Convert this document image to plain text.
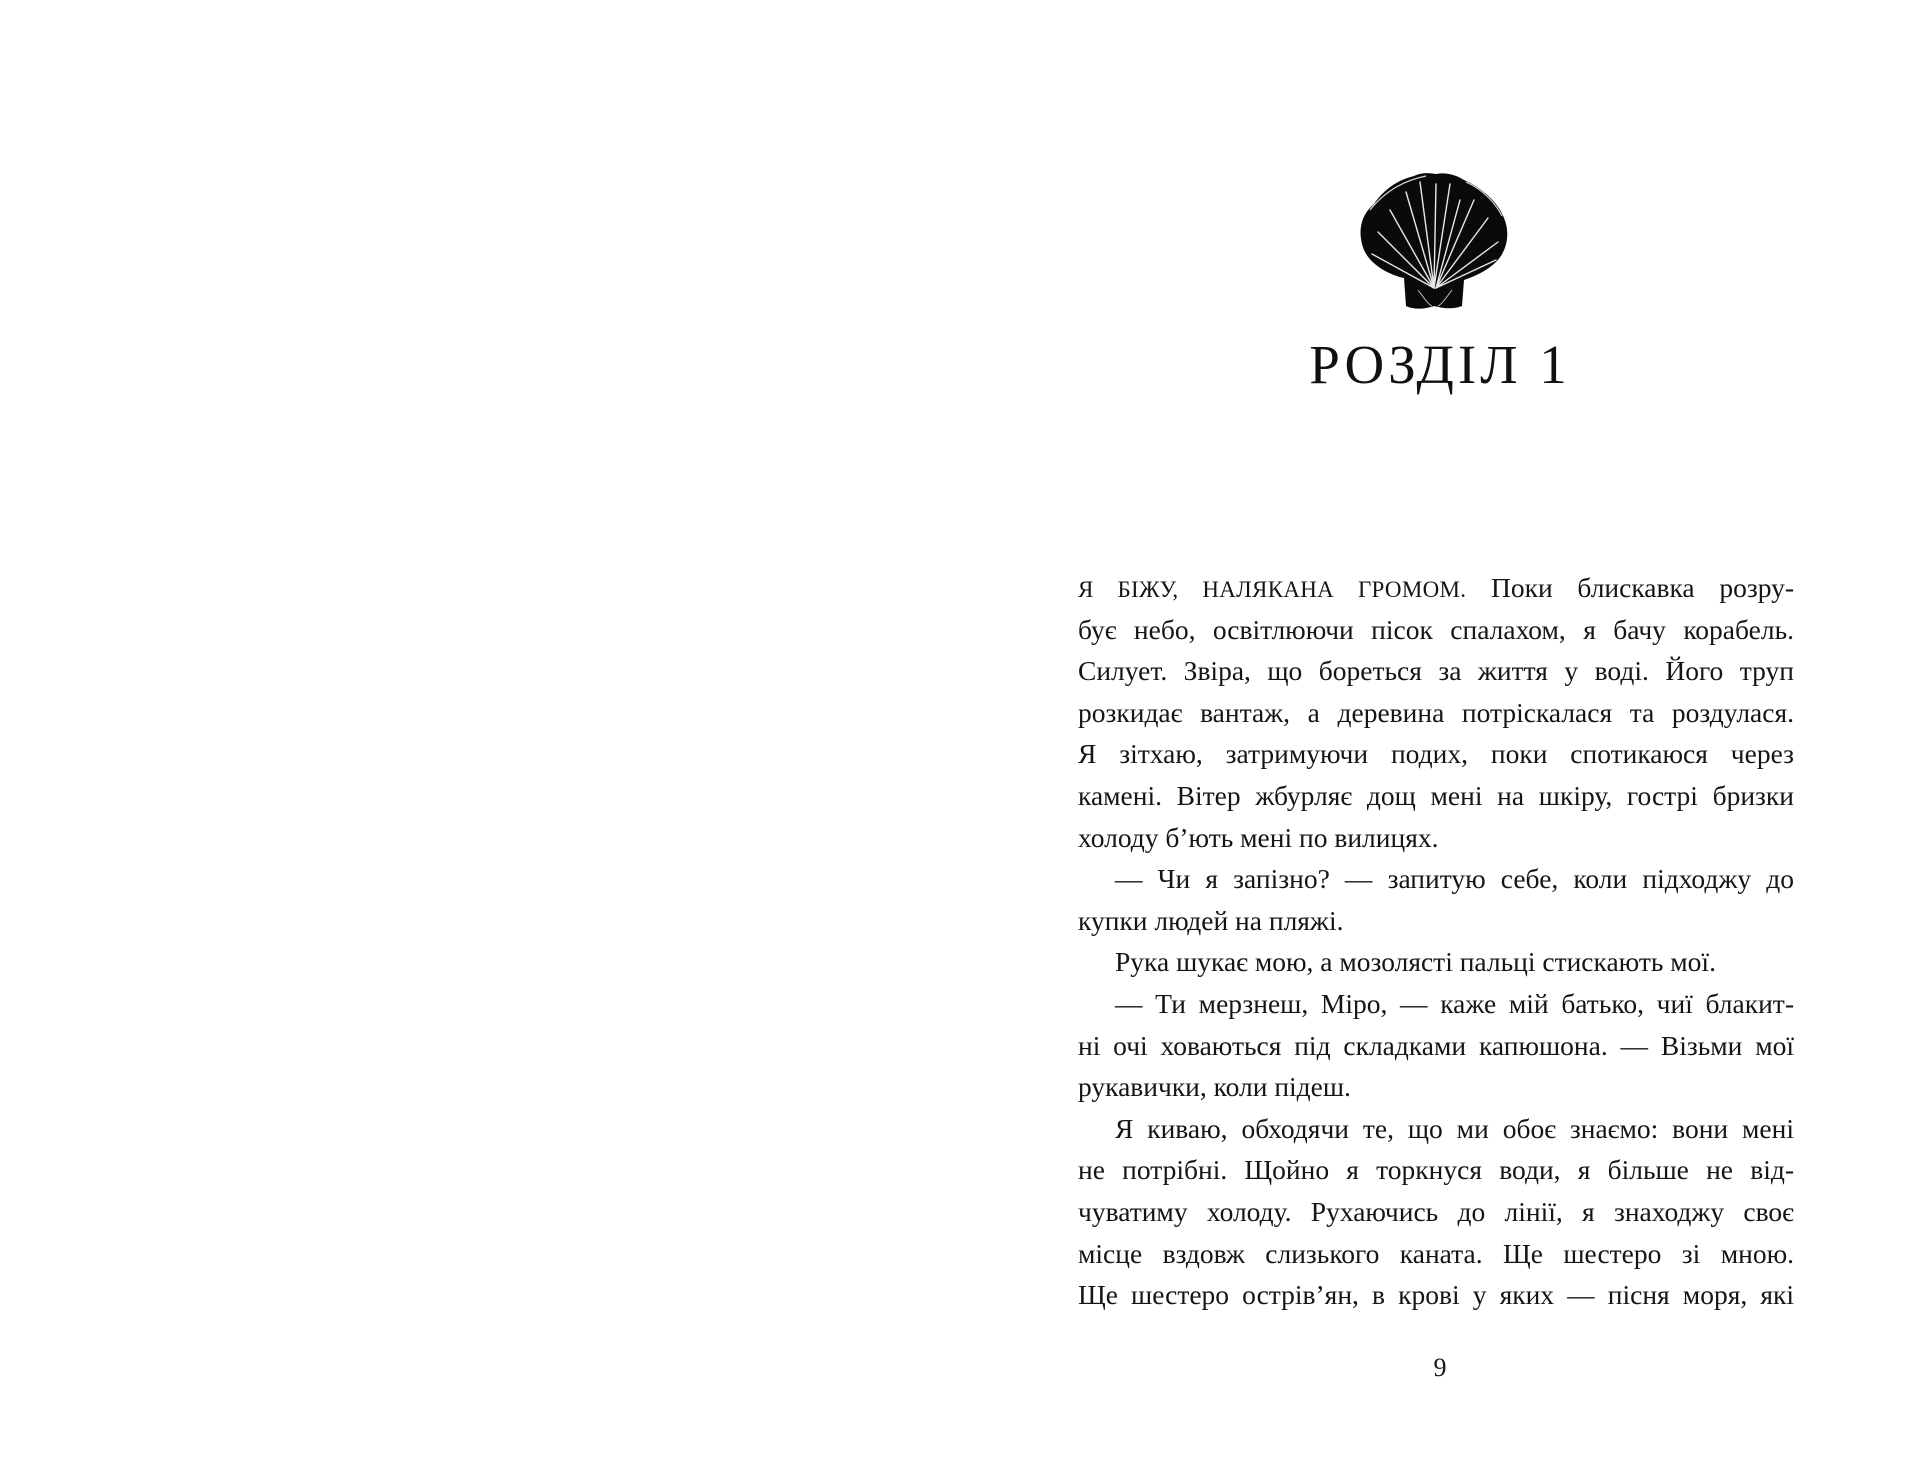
РОЗДІЛ 1
Я БІЖУ, НАЛЯКАНА ГРОМОМ. Поки блискавка розру-
бує небо, освітлюючи пісок спалахом, я бачу корабель.
Силует. Звіра, що бореться за життя у воді. Його труп
розкидає вантаж, а деревина потріскалася та роздулася.
Я зітхаю, затримуючи подих, поки спотикаюся через
камені. Вітер жбурляє дощ мені на шкіру, гострі бризки
холоду б’ють мені по вилицях.
— Чи я запізно? — запитую себе, коли підходжу до
купки людей на пляжі.
Рука шукає мою, а мозолясті пальці стискають мої.
— Ти мерзнеш, Міро, — каже мій батько, чиї блакит-
ні очі ховаються під складками капюшона. — Візьми мої
рукавички, коли підеш.
Я киваю, обходячи те, що ми обоє знаємо: вони мені
не потрібні. Щойно я торкнуся води, я більше не від-
чуватиму холоду. Рухаючись до лінії, я знаходжу своє
місце вздовж слизького каната. Ще шестеро зі мною.
Ще шестеро острів’ян, в крові у яких — пісня моря, які
9
